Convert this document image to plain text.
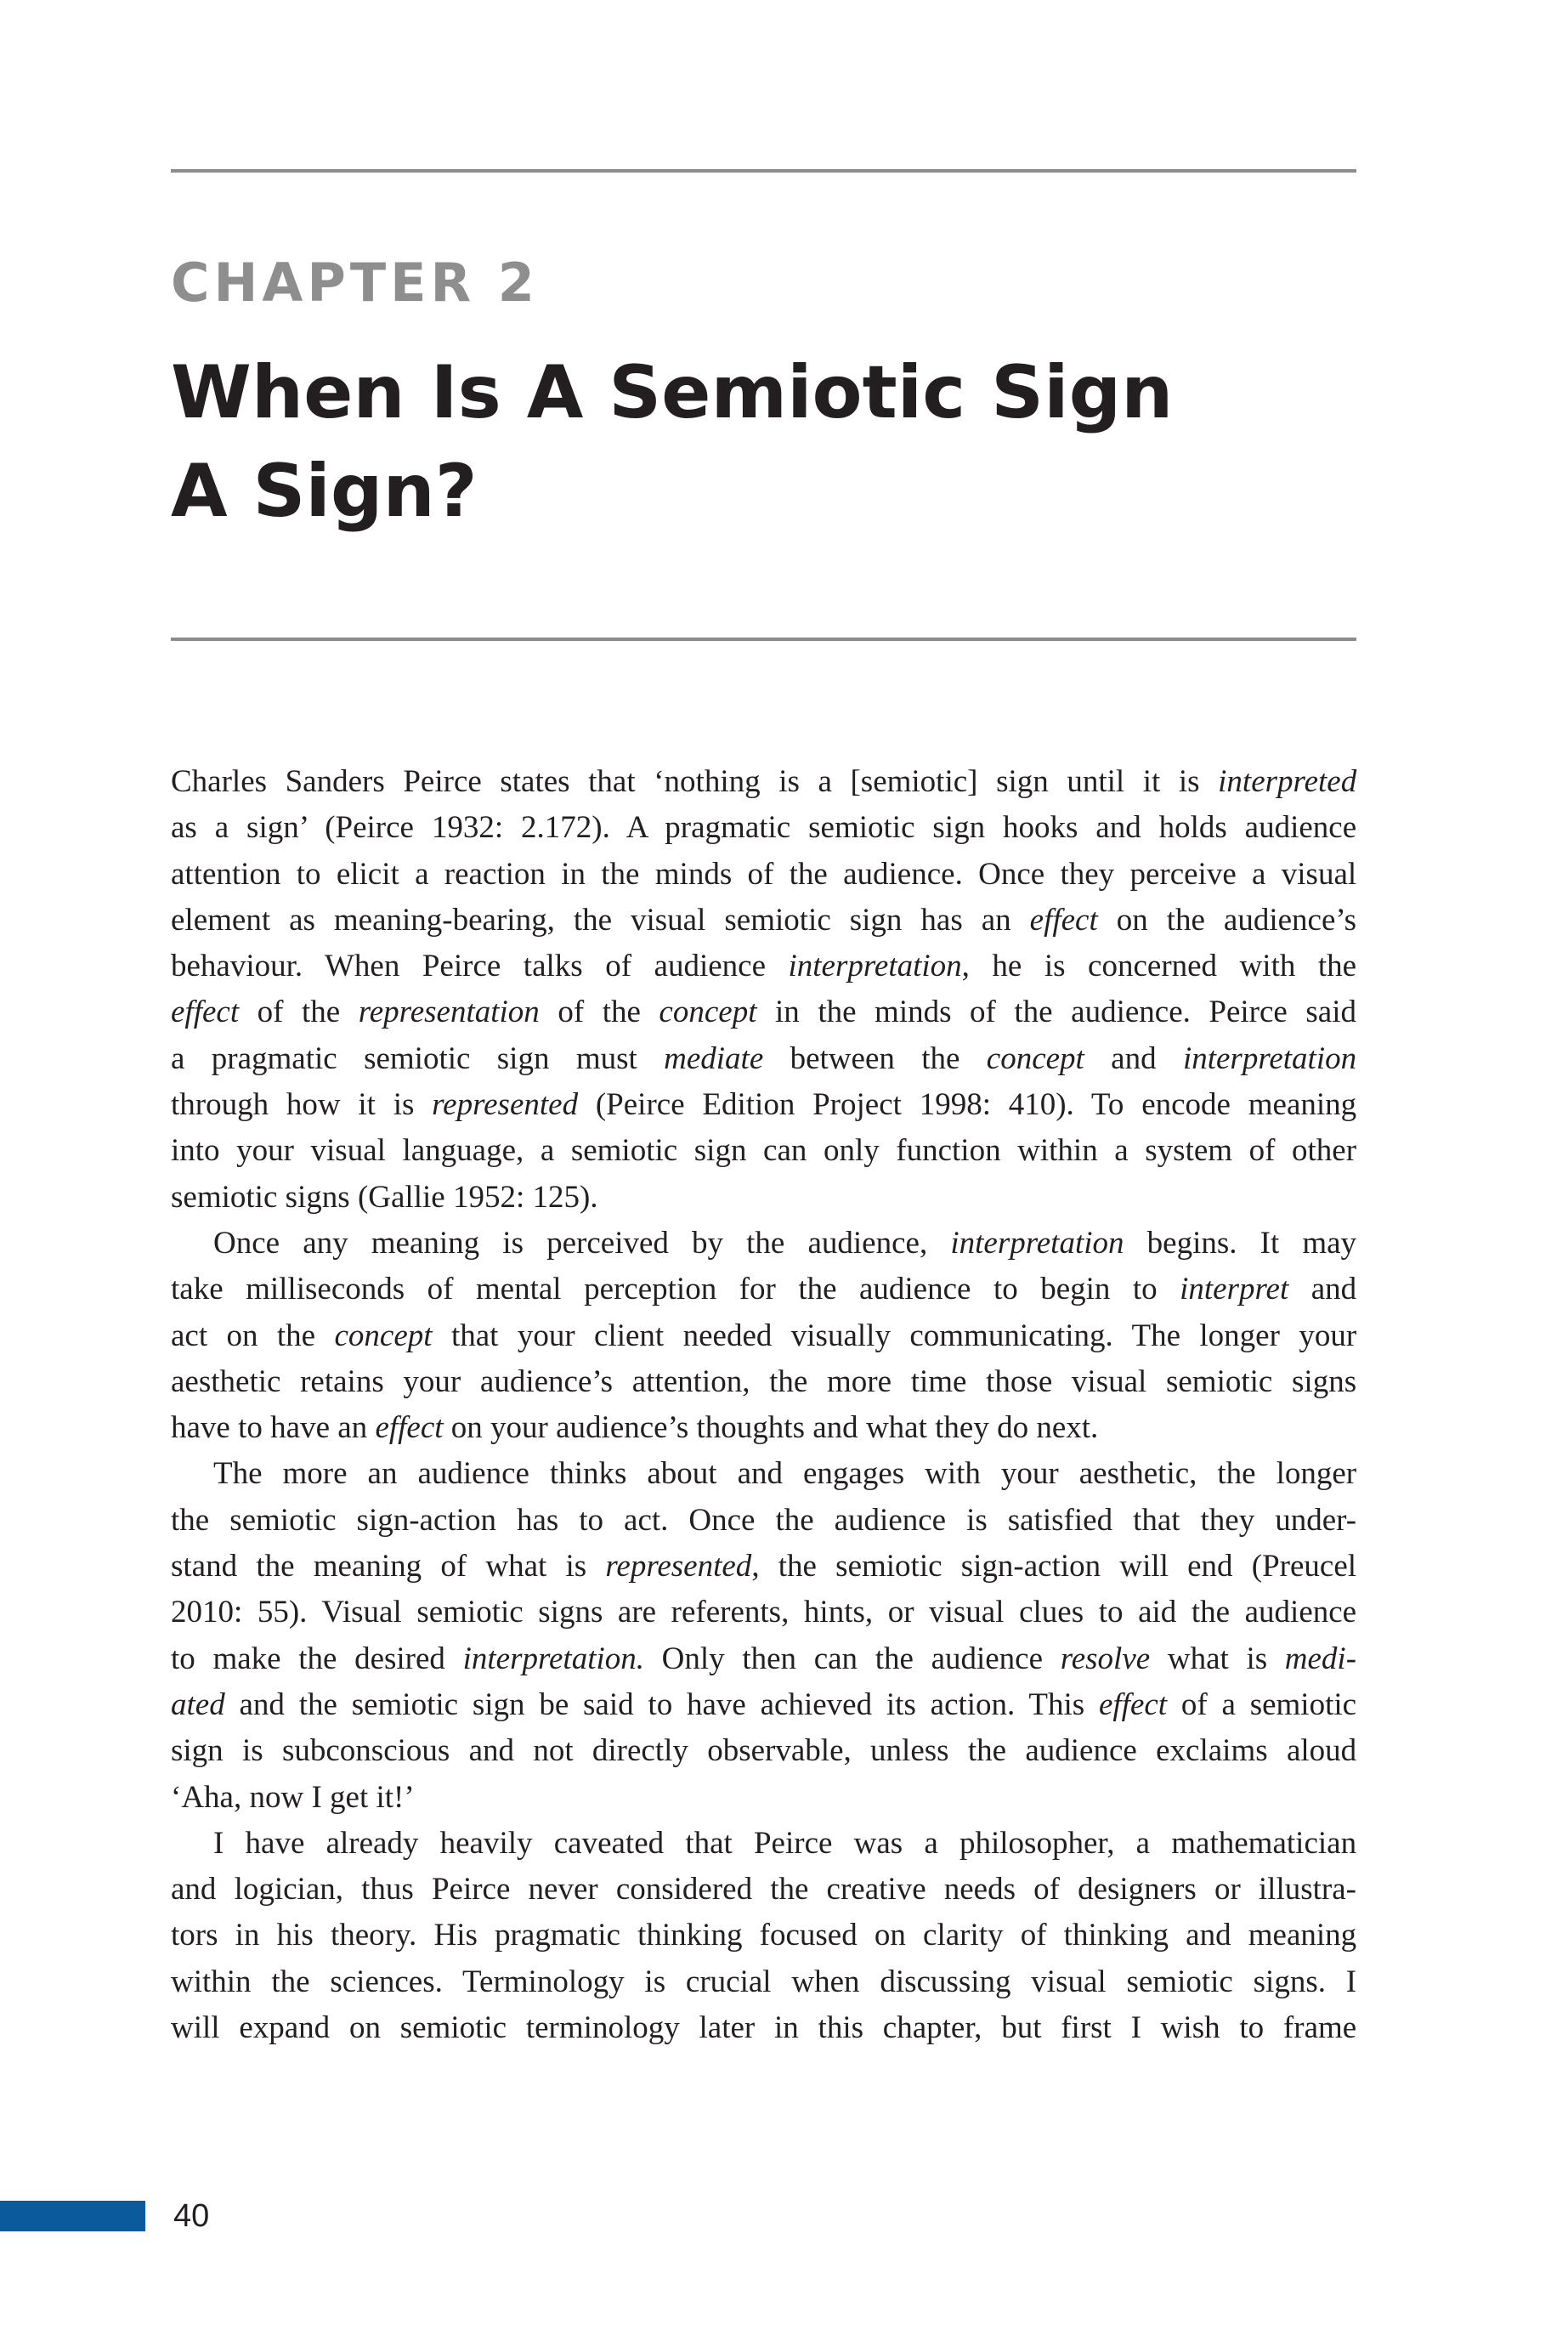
CHAPTER 2
When Is A Semiotic Sign
A Sign?

Charles Sanders Peirce states that ‘nothing is a [semiotic] sign until it is interpreted

as a sign’ (Peirce 1932: 2.172). A pragmatic semiotic sign hooks and holds audience

attention to elicit a reaction in the minds of the audience. Once they perceive a visual

element as meaning-bearing, the visual semiotic sign has an effect on the audience’s

behaviour. When Peirce talks of audience interpretation, he is concerned with the

effect of the representation of the concept in the minds of the audience. Peirce said

a pragmatic semiotic sign must mediate between the concept and interpretation

through how it is represented (Peirce Edition Project 1998: 410). To encode meaning

into your visual language, a semiotic sign can only function within a system of other

semiotic signs (Gallie 1952: 125).

Once any meaning is perceived by the audience, interpretation begins. It may

take milliseconds of mental perception for the audience to begin to interpret and

act on the concept that your client needed visually communicating. The longer your

aesthetic retains your audience’s attention, the more time those visual semiotic signs

have to have an effect on your audience’s thoughts and what they do next.

The more an audience thinks about and engages with your aesthetic, the longer

the semiotic sign-action has to act. Once the audience is satisfied that they under-

stand the meaning of what is represented, the semiotic sign-action will end (Preucel

2010: 55). Visual semiotic signs are referents, hints, or visual clues to aid the audience

to make the desired interpretation. Only then can the audience resolve what is medi-

ated and the semiotic sign be said to have achieved its action. This effect of a semiotic

sign is subconscious and not directly observable, unless the audience exclaims aloud

‘Aha, now I get it!’

I have already heavily caveated that Peirce was a philosopher, a mathematician

and logician, thus Peirce never considered the creative needs of designers or illustra-

tors in his theory. His pragmatic thinking focused on clarity of thinking and meaning

within the sciences. Terminology is crucial when discussing visual semiotic signs. I

will expand on semiotic terminology later in this chapter, but first I wish to frame

40
